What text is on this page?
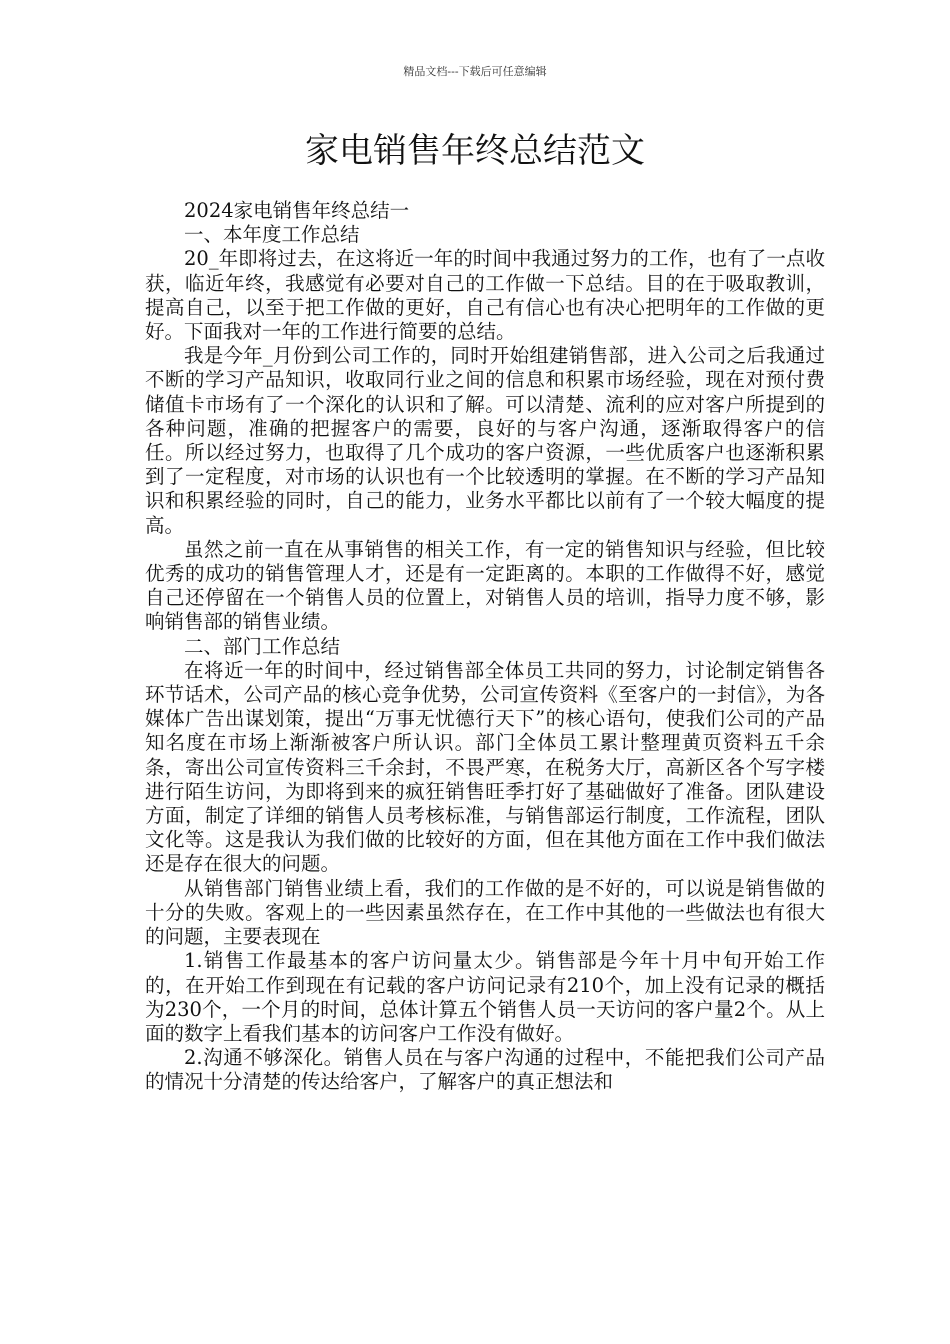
精品文档---下载后可任意编辑
家电销售年终总结范文

2024家电销售年终总结一

一、本年度工作总结

20_年即将过去，在这将近一年的时间中我通过努力的工作，也有了一点收获，临近年终，我感觉有必要对自己的工作做一下总结。目的在于吸取教训，提高自己，以至于把工作做的更好，自己有信心也有决心把明年的工作做的更好。下面我对一年的工作进行简要的总结。

我是今年_月份到公司工作的，同时开始组建销售部，进入公司之后我通过不断的学习产品知识，收取同行业之间的信息和积累市场经验，现在对预付费储值卡市场有了一个深化的认识和了解。可以清楚、流利的应对客户所提到的各种问题，准确的把握客户的需要，良好的与客户沟通，逐渐取得客户的信任。所以经过努力，也取得了几个成功的客户资源，一些优质客户也逐渐积累到了一定程度，对市场的认识也有一个比较透明的掌握。在不断的学习产品知识和积累经验的同时，自己的能力，业务水平都比以前有了一个较大幅度的提高。

虽然之前一直在从事销售的相关工作，有一定的销售知识与经验，但比较优秀的成功的销售管理人才，还是有一定距离的。本职的工作做得不好，感觉自己还停留在一个销售人员的位置上，对销售人员的培训，指导力度不够，影响销售部的销售业绩。

二、部门工作总结

在将近一年的时间中，经过销售部全体员工共同的努力，讨论制定销售各环节话术，公司产品的核心竞争优势，公司宣传资料《至客户的一封信》，为各媒体广告出谋划策，提出“万事无忧德行天下”的核心语句，使我们公司的产品知名度在市场上渐渐被客户所认识。部门全体员工累计整理黄页资料五千余条，寄出公司宣传资料三千余封，不畏严寒，在税务大厅，高新区各个写字楼进行陌生访问，为即将到来的疯狂销售旺季打好了基础做好了准备。团队建设方面，制定了详细的销售人员考核标准，与销售部运行制度，工作流程，团队文化等。这是我认为我们做的比较好的方面，但在其他方面在工作中我们做法还是存在很大的问题。

从销售部门销售业绩上看，我们的工作做的是不好的，可以说是销售做的十分的失败。客观上的一些因素虽然存在，在工作中其他的一些做法也有很大的问题，主要表现在

1.销售工作最基本的客户访问量太少。销售部是今年十月中旬开始工作的，在开始工作到现在有记载的客户访问记录有210个，加上没有记录的概括为230个，一个月的时间，总体计算五个销售人员一天访问的客户量2个。从上面的数字上看我们基本的访问客户工作没有做好。

2.沟通不够深化。销售人员在与客户沟通的过程中，不能把我们公司产品的情况十分清楚的传达给客户，了解客户的真正想法和
